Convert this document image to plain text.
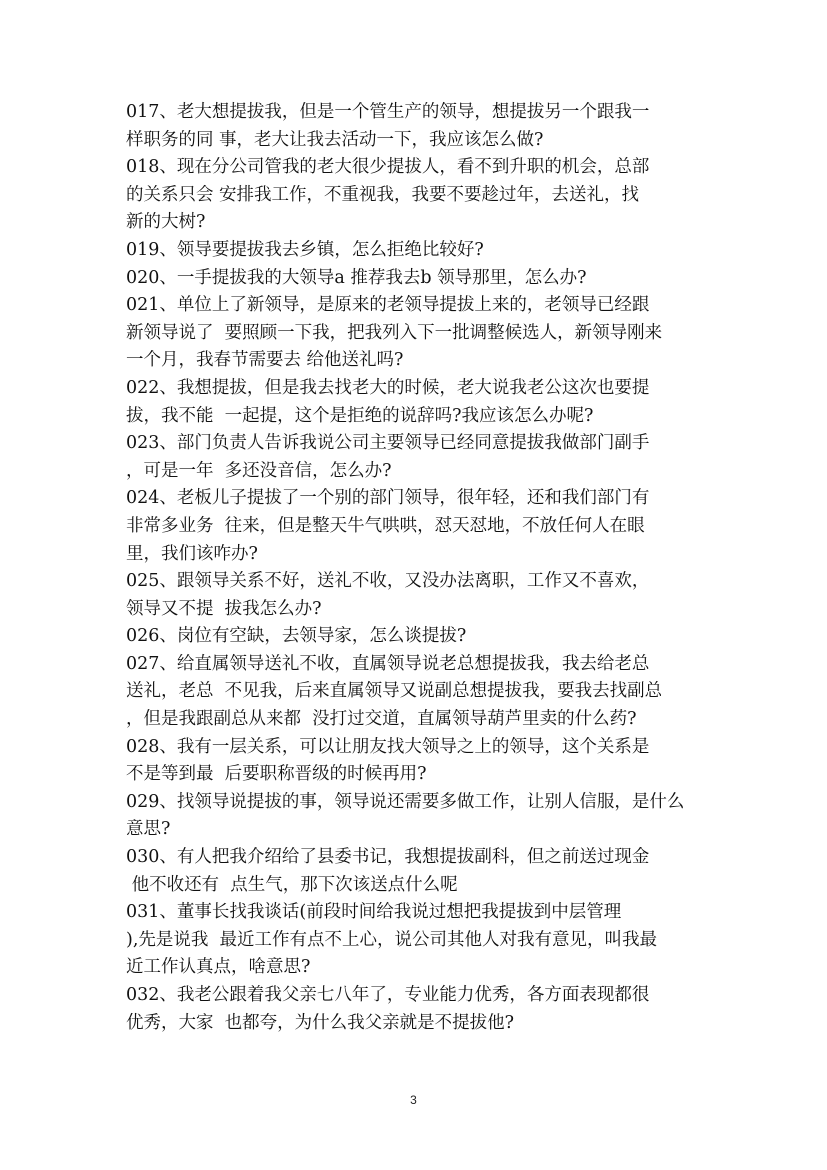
017、老大想提拔我，但是一个管生产的领导，想提拔另一个跟我一
样职务的同 事，老大让我去活动一下，我应该怎么做?
018、现在分公司管我的老大很少提拔人，看不到升职的机会，总部
的关系只会 安排我工作，不重视我，我要不要趁过年，去送礼，找
新的大树?
019、领导要提拔我去乡镇，怎么拒绝比较好?
020、一手提拔我的大领导a 推荐我去b 领导那里，怎么办?
021、单位上了新领导，是原来的老领导提拔上来的，老领导已经跟
新领导说了  要照顾一下我，把我列入下一批调整候选人，新领导刚来
一个月，我春节需要去 给他送礼吗?
022、我想提拔，但是我去找老大的时候，老大说我老公这次也要提
拔，我不能  一起提，这个是拒绝的说辞吗?我应该怎么办呢?
023、部门负责人告诉我说公司主要领导已经同意提拔我做部门副手
，可是一年  多还没音信，怎么办?
024、老板儿子提拔了一个别的部门领导，很年轻，还和我们部门有
非常多业务  往来，但是整天牛气哄哄，怼天怼地，不放任何人在眼
里，我们该咋办?
025、跟领导关系不好，送礼不收，又没办法离职，工作又不喜欢，
领导又不提  拔我怎么办?
026、岗位有空缺，去领导家，怎么谈提拔?
027、给直属领导送礼不收，直属领导说老总想提拔我，我去给老总
送礼，老总  不见我，后来直属领导又说副总想提拔我，要我去找副总
，但是我跟副总从来都  没打过交道，直属领导葫芦里卖的什么药?
028、我有一层关系，可以让朋友找大领导之上的领导，这个关系是
不是等到最  后要职称晋级的时候再用?
029、找领导说提拔的事，领导说还需要多做工作，让别人信服，是什么
意思?
030、有人把我介绍给了县委书记，我想提拔副科，但之前送过现金
他不收还有  点生气，那下次该送点什么呢
031、董事长找我谈话(前段时间给我说过想把我提拔到中层管理
),先是说我  最近工作有点不上心，说公司其他人对我有意见，叫我最
近工作认真点，啥意思?
032、我老公跟着我父亲七八年了，专业能力优秀，各方面表现都很
优秀，大家  也都夸，为什么我父亲就是不提拔他?
3
